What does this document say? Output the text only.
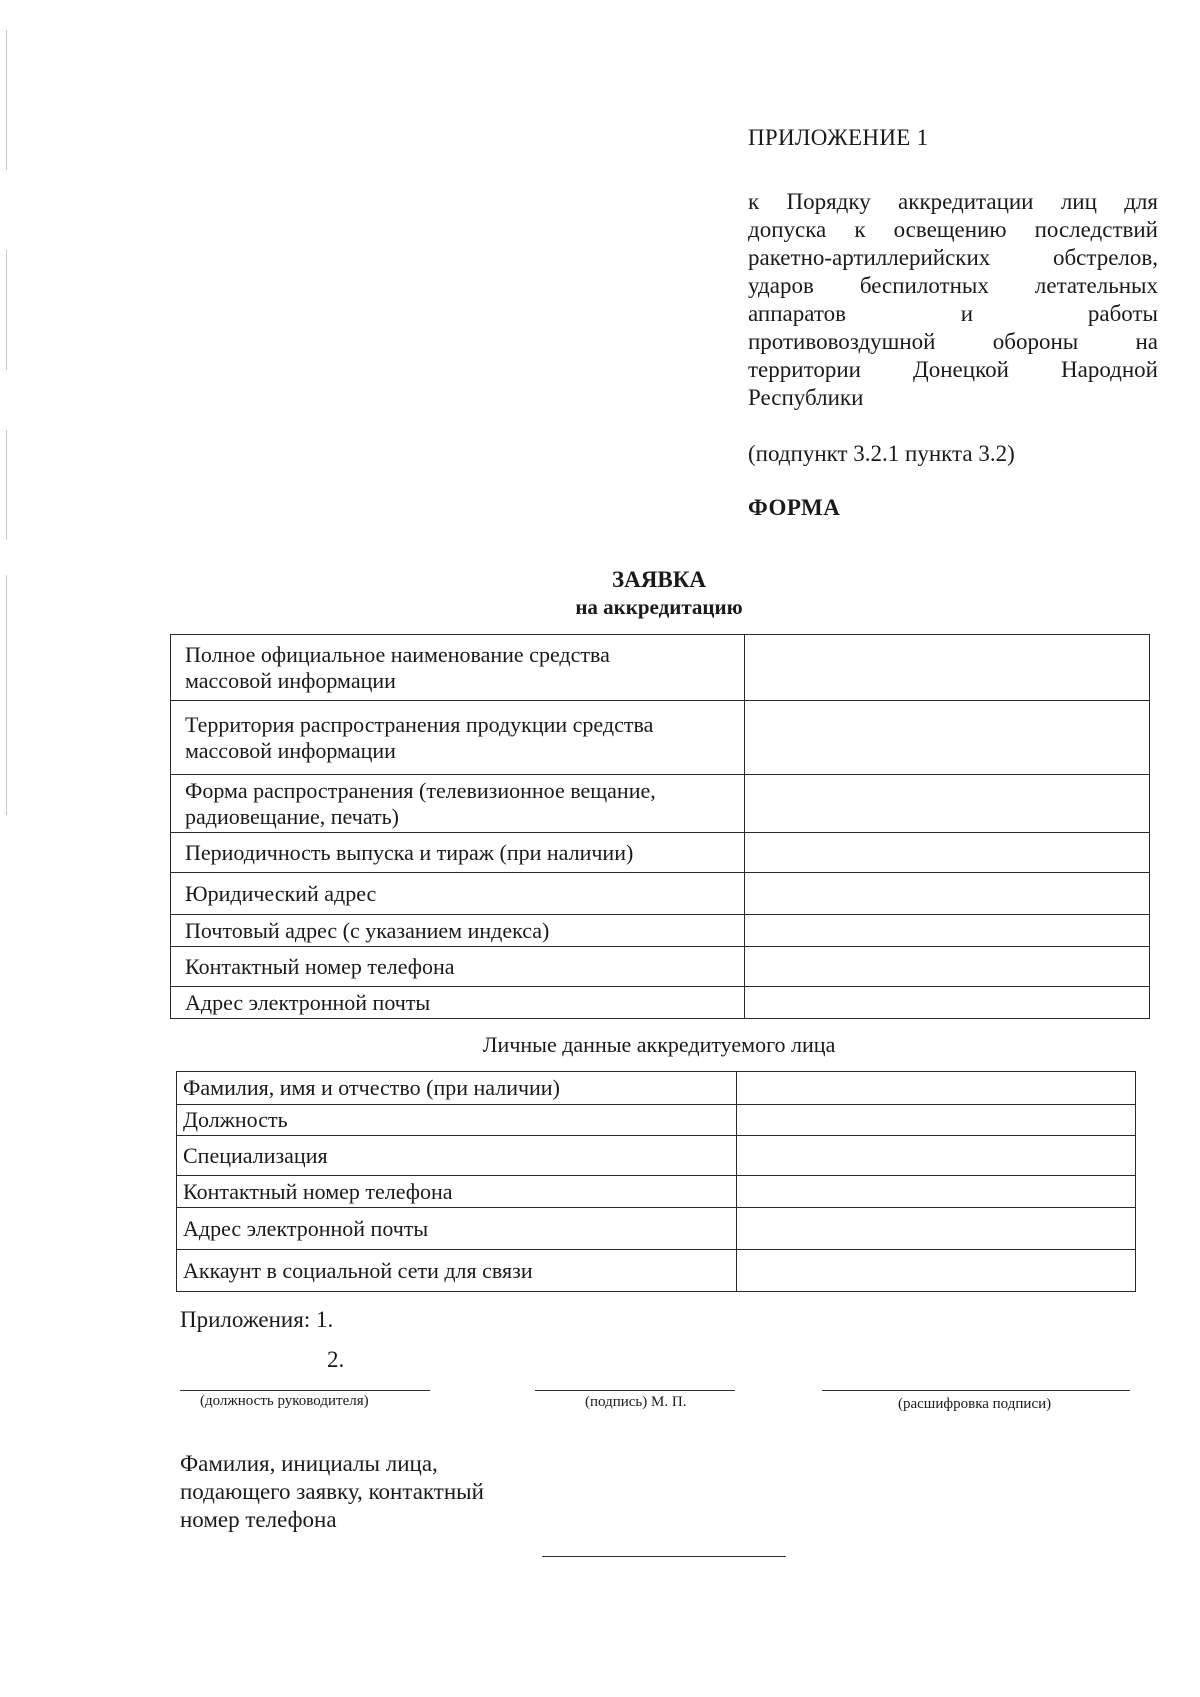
ПРИЛОЖЕНИЕ 1

к Порядку аккредитации лиц для
допуска к освещению последствий
ракетно-артиллерийских обстрелов,
ударов беспилотных летательных
аппаратов и работы
противовоздушной обороны на
территории Донецкой Народной
Республики

(подпункт 3.2.1 пункта 3.2)

ФОРМА

ЗАЯВКА
на аккредитацию
Полное официальное наименование средства
массовой информации	
Территория распространения продукции средства
массовой информации	
Форма распространения (телевизионное вещание,
радиовещание, печать)	
Периодичность выпуска и тираж (при наличии)	
Юридический адрес	
Почтовый адрес (с указанием индекса)	
Контактный номер телефона	
Адрес электронной почты	
Личные данные аккредитуемого лица
Фамилия, имя и отчество (при наличии)	
Должность	
Специализация	
Контактный номер телефона	
Адрес электронной почты	
Аккаунт в социальной сети для связи	
Приложения: 1.
2.
(должность руководителя)	(подпись) М. П.	(расшифровка подписи)
Фамилия, инициалы лица,
подающего заявку, контактный
номер телефона
